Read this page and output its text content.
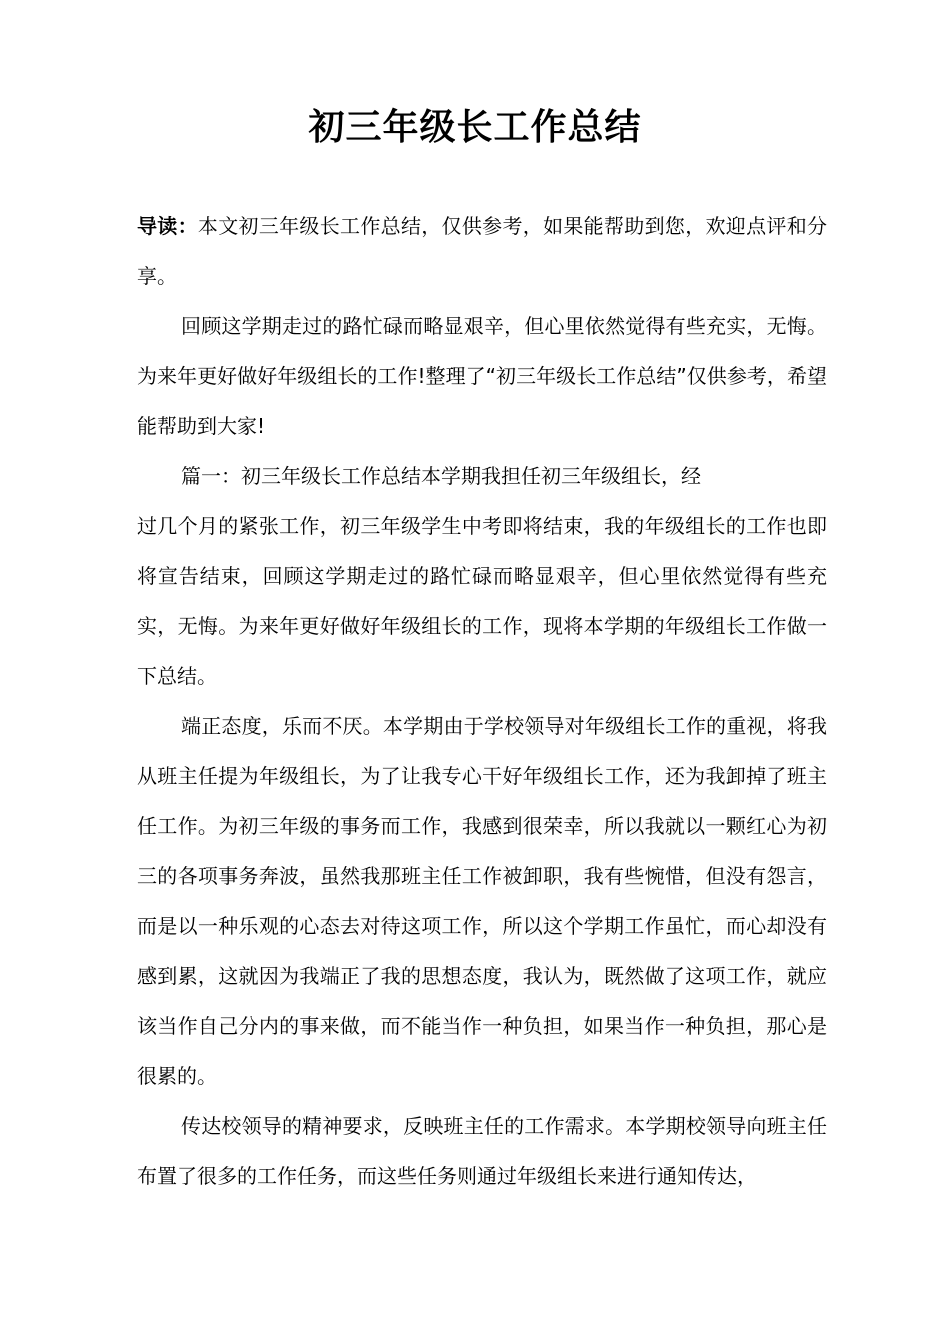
初三年级长工作总结

导读：本文初三年级长工作总结，仅供参考，如果能帮助到您，欢迎点评和分享。

回顾这学期走过的路忙碌而略显艰辛，但心里依然觉得有些充实，无悔。为来年更好做好年级组长的工作!整理了“初三年级长工作总结”仅供参考，希望能帮助到大家!

篇一：初三年级长工作总结本学期我担任初三年级组长，经

过几个月的紧张工作，初三年级学生中考即将结束，我的年级组长的工作也即将宣告结束，回顾这学期走过的路忙碌而略显艰辛，但心里依然觉得有些充实，无悔。为来年更好做好年级组长的工作，现将本学期的年级组长工作做一下总结。

端正态度，乐而不厌。本学期由于学校领导对年级组长工作的重视，将我从班主任提为年级组长，为了让我专心干好年级组长工作，还为我卸掉了班主任工作。为初三年级的事务而工作，我感到很荣幸，所以我就以一颗红心为初三的各项事务奔波，虽然我那班主任工作被卸职，我有些惋惜，但没有怨言，而是以一种乐观的心态去对待这项工作，所以这个学期工作虽忙，而心却没有感到累，这就因为我端正了我的思想态度，我认为，既然做了这项工作，就应该当作自己分内的事来做，而不能当作一种负担，如果当作一种负担，那心是很累的。

传达校领导的精神要求，反映班主任的工作需求。本学期校领导向班主任布置了很多的工作任务，而这些任务则通过年级组长来进行通知传达，
